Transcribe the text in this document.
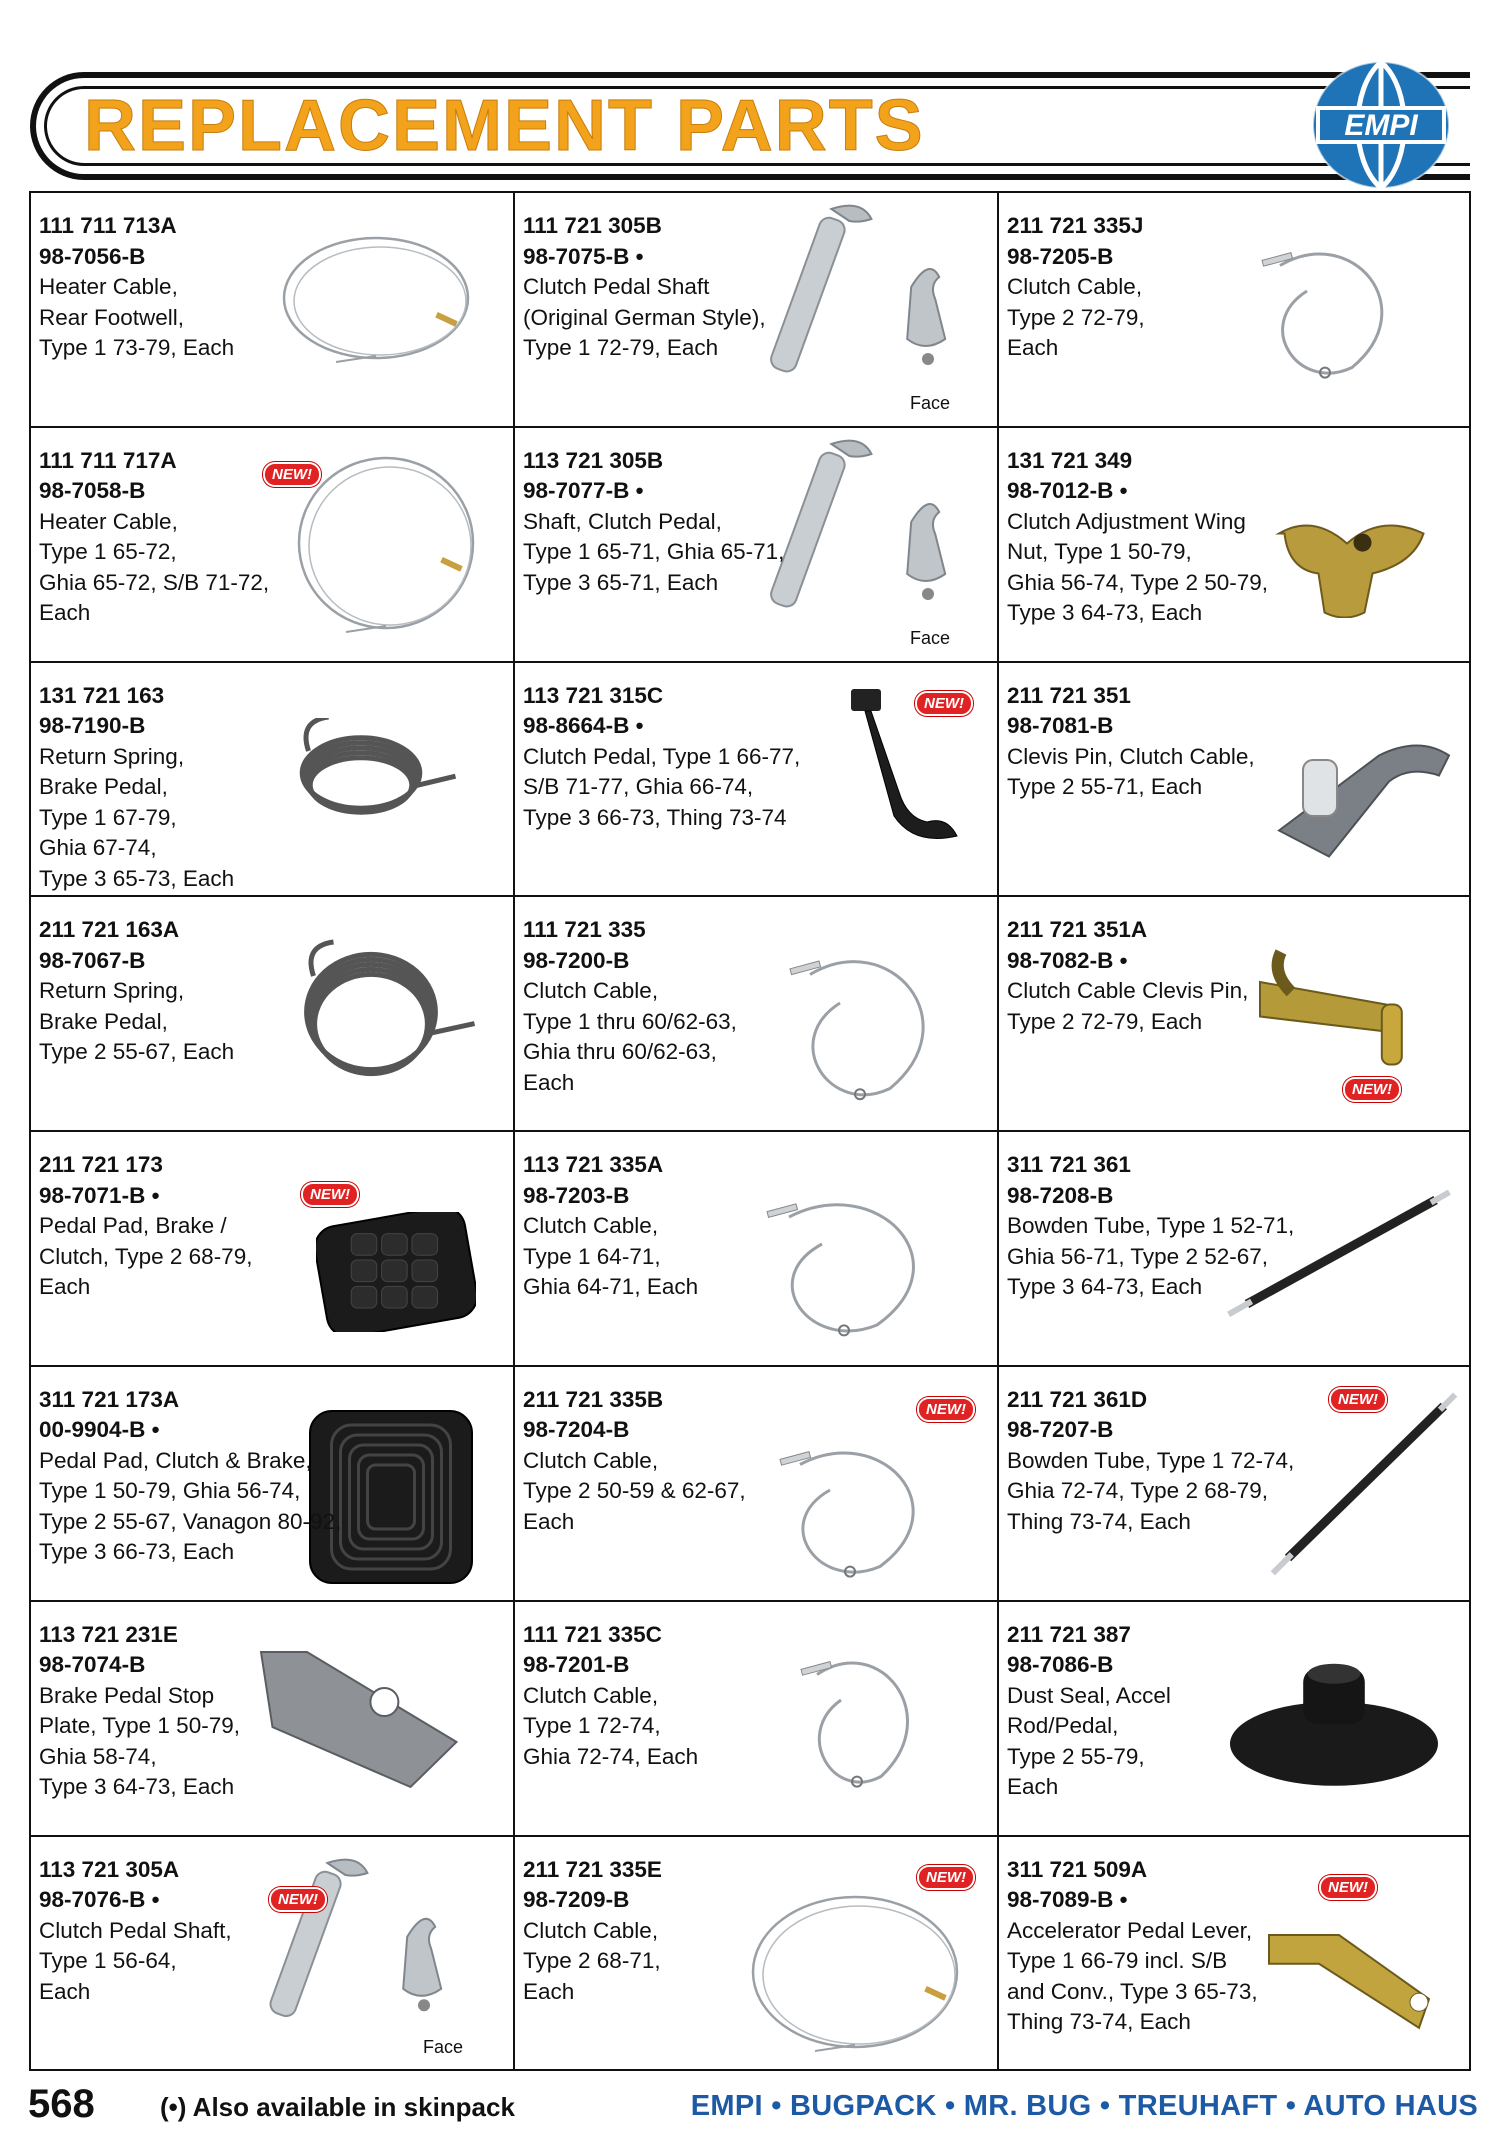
REPLACEMENT PARTS	EMPI
111 711 713A
98-7056-B
Heater Cable,
Rear Footwell,
Type 1 73-79, Each
111 721 305B
98-7075-B •
Clutch Pedal Shaft
(Original German Style),
Type 1 72-79, Each
Face
211 721 335J
98-7205-B
Clutch Cable,
Type 2 72-79,
Each
111 711 717A
98-7058-B
Heater Cable,
Type 1 65-72,
Ghia 65-72, S/B 71-72,
Each
NEW!
113 721 305B
98-7077-B •
Shaft, Clutch Pedal,
Type 1 65-71, Ghia 65-71,
Type 3 65-71, Each
Face
131 721 349
98-7012-B •
Clutch Adjustment Wing
Nut, Type 1 50-79,
Ghia 56-74, Type 2 50-79,
Type 3 64-73, Each
131 721 163
98-7190-B
Return Spring,
Brake Pedal,
Type 1 67-79,
Ghia 67-74,
Type 3 65-73, Each
113 721 315C
98-8664-B •
Clutch Pedal, Type 1 66-77,
S/B 71-77, Ghia 66-74,
Type 3 66-73, Thing 73-74
NEW!	211 721 351
98-7081-B
Clevis Pin, Clutch Cable,
Type 2 55-71, Each
211 721 163A
98-7067-B
Return Spring,
Brake Pedal,
Type 2 55-67, Each
111 721 335
98-7200-B
Clutch Cable,
Type 1 thru 60/62-63,
Ghia thru 60/62-63,
Each
211 721 351A
98-7082-B •
Clutch Cable Clevis Pin,
Type 2 72-79, Each
NEW!
211 721 173
98-7071-B •
Pedal Pad, Brake /
Clutch, Type 2 68-79,
Each
NEW!
113 721 335A
98-7203-B
Clutch Cable,
Type 1 64-71,
Ghia 64-71, Each
311 721 361
98-7208-B
Bowden Tube, Type 1 52-71,
Ghia 56-71, Type 2 52-67,
Type 3 64-73, Each
311 721 173A
00-9904-B •
Pedal Pad, Clutch & Brake,
Type 1 50-79, Ghia 56-74,
Type 2 55-67, Vanagon 80-92,
Type 3 66-73, Each
211 721 335B
98-7204-B
Clutch Cable,
Type 2 50-59 & 62-67,
Each
NEW!	211 721 361D
98-7207-B
Bowden Tube, Type 1 72-74,
Ghia 72-74, Type 2 68-79,
Thing 73-74, Each
NEW!
113 721 231E
98-7074-B
Brake Pedal Stop
Plate, Type 1 50-79,
Ghia 58-74,
Type 3 64-73, Each
111 721 335C
98-7201-B
Clutch Cable,
Type 1 72-74,
Ghia 72-74, Each
211 721 387
98-7086-B
Dust Seal, Accel
Rod/Pedal,
Type 2 55-79,
Each
113 721 305A
98-7076-B •
Clutch Pedal Shaft,
Type 1 56-64,
Each
NEW!
Face
211 721 335E
98-7209-B
Clutch Cable,
Type 2 68-71,
Each
NEW!	311 721 509A
98-7089-B •
Accelerator Pedal Lever,
Type 1 66-79 incl. S/B
and Conv., Type 3 65-73,
Thing 73-74, Each
NEW!
568	(•) Also available in skinpack	EMPI • BUGPACK • MR. BUG • TREUHAFT • AUTO HAUS
